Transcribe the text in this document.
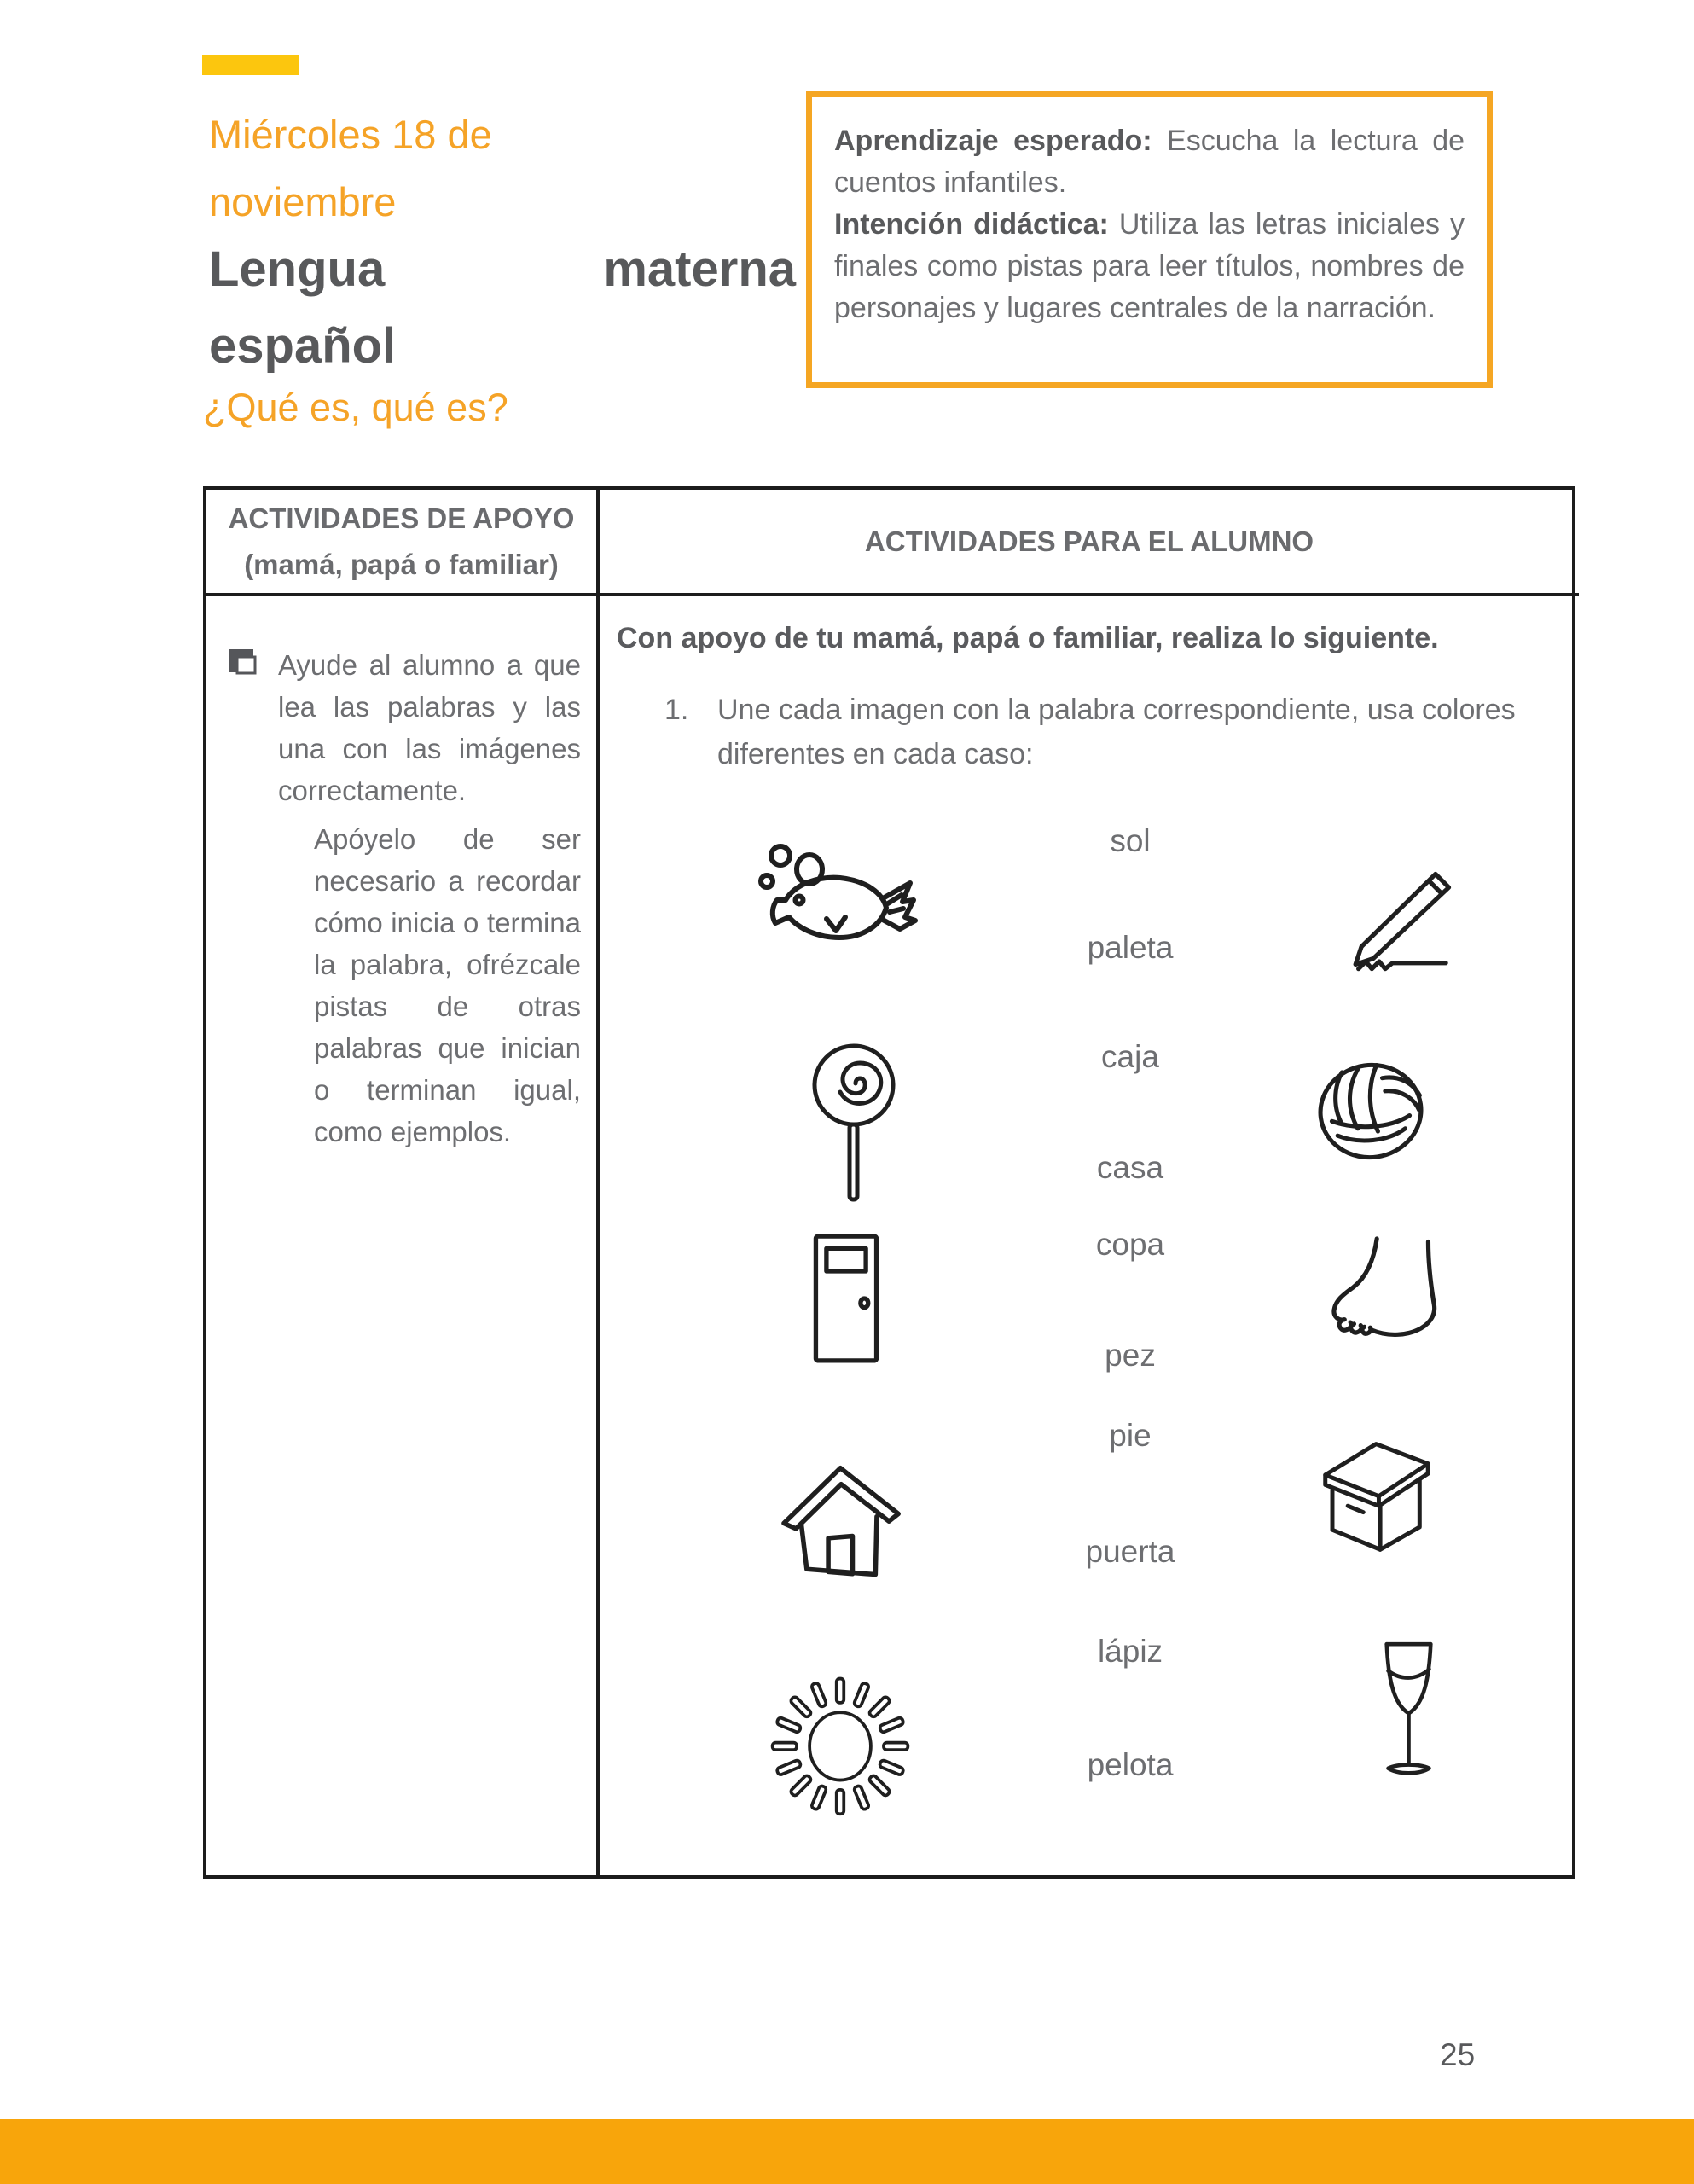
Miércoles 18 de
noviembre
Lengua	materna
español
¿Qué es, qué es?

Aprendizaje esperado: Escucha la lectura de cuentos infantiles.

Intención didáctica: Utiliza las letras iniciales y finales como pistas para leer títulos, nombres de personajes y lugares centrales de la narración.

ACTIVIDADES DE APOYO
(mamá, papá o familiar)
ACTIVIDADES PARA EL ALUMNO

Ayude al alumno a que lea las palabras y las una con las imágenes correctamente.

Apóyelo de ser necesario a recordar cómo inicia o termina la palabra, ofrézcale pistas de otras palabras que inician o terminan igual, como ejemplos.

Con apoyo de tu mamá, papá o familiar, realiza lo siguiente.

1. Une cada imagen con la palabra correspondiente, usa colores diferentes en cada caso:
sol
paleta
caja
casa
copa
pez
pie
puerta
lápiz
pelota
25
